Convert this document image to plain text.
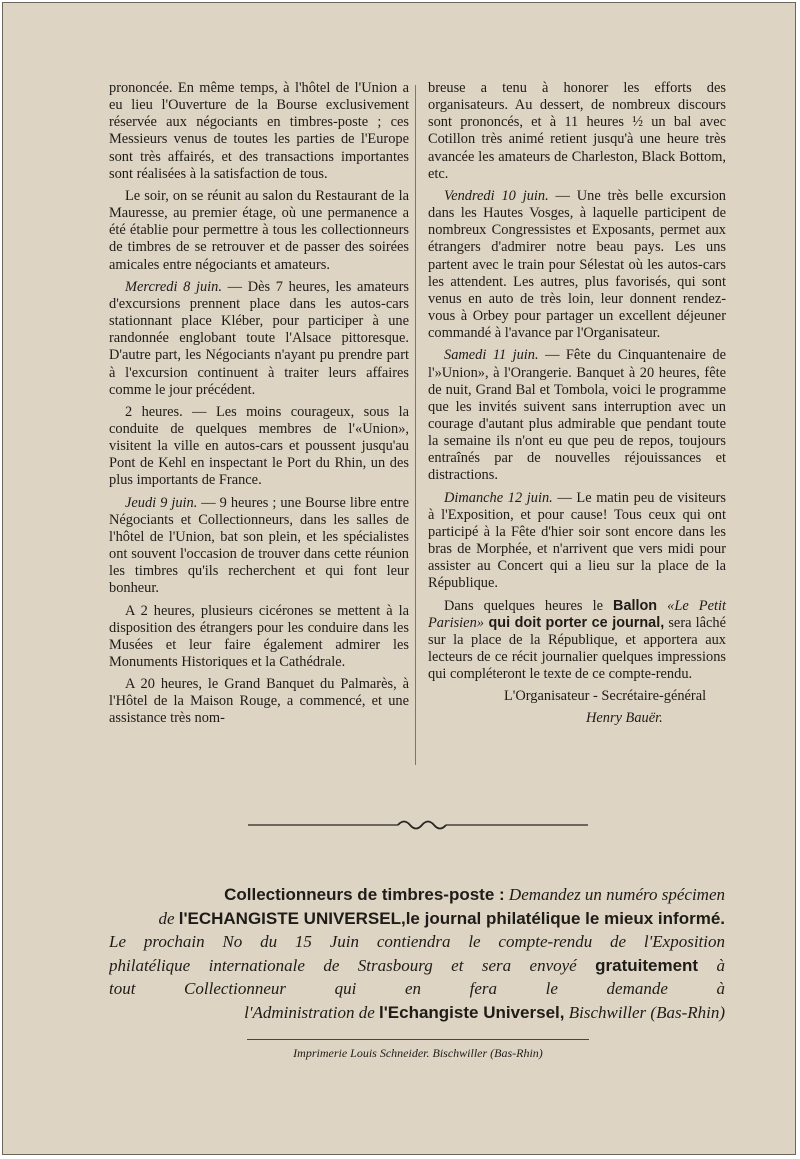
prononcée. En même temps, à l'hôtel de l'Union a eu lieu l'Ouverture de la Bourse exclusivement réservée aux négociants en timbres-poste ; ces Messieurs venus de toutes les parties de l'Europe sont très affairés, et des transactions importantes sont réalisées à la satisfaction de tous.

Le soir, on se réunit au salon du Restaurant de la Mauresse, au premier étage, où une permanence a été établie pour permettre à tous les collectionneurs de timbres de se retrouver et de passer des soirées amicales entre négociants et amateurs.

Mercredi 8 juin. — Dès 7 heures, les amateurs d'excursions prennent place dans les autos-cars stationnant place Kléber, pour participer à une randonnée englobant toute l'Alsace pittoresque. D'autre part, les Négociants n'ayant pu prendre part à l'excursion continuent à traiter leurs affaires comme le jour précédent.

2 heures. — Les moins courageux, sous la conduite de quelques membres de l'«Union», visitent la ville en autos-cars et poussent jusqu'au Pont de Kehl en inspectant le Port du Rhin, un des plus importants de France.

Jeudi 9 juin. — 9 heures ; une Bourse libre entre Négociants et Collectionneurs, dans les salles de l'hôtel de l'Union, bat son plein, et les spécialistes ont souvent l'occasion de trouver dans cette réunion les timbres qu'ils recherchent et qui font leur bonheur.

A 2 heures, plusieurs cicérones se mettent à la disposition des étrangers pour les conduire dans les Musées et leur faire également admirer les Monuments Historiques et la Cathédrale.

A 20 heures, le Grand Banquet du Palmarès, à l'Hôtel de la Maison Rouge, a commencé, et une assistance très nom-

breuse a tenu à honorer les efforts des organisateurs. Au dessert, de nombreux discours sont prononcés, et à 11 heures ½ un bal avec Cotillon très animé retient jusqu'à une heure très avancée les amateurs de Charleston, Black Bottom, etc.

Vendredi 10 juin. — Une très belle excursion dans les Hautes Vosges, à laquelle participent de nombreux Congressistes et Exposants, permet aux étrangers d'admirer notre beau pays. Les uns partent avec le train pour Sélestat où les autos-cars les attendent. Les autres, plus favorisés, qui sont venus en auto de très loin, leur donnent rendez-vous à Orbey pour partager un excellent déjeuner commandé à l'avance par l'Organisateur.

Samedi 11 juin. — Fête du Cinquantenaire de l'»Union», à l'Orangerie. Banquet à 20 heures, fête de nuit, Grand Bal et Tombola, voici le programme que les invités suivent sans interruption avec un courage d'autant plus admirable que pendant toute la semaine ils n'ont eu que peu de repos, toujours entraînés par de nouvelles réjouissances et distractions.

Dimanche 12 juin. — Le matin peu de visiteurs à l'Exposition, et pour cause! Tous ceux qui ont participé à la Fête d'hier soir sont encore dans les bras de Morphée, et n'arrivent que vers midi pour assister au Concert qui a lieu sur la place de la République.

Dans quelques heures le Ballon «Le Petit Parisien» qui doit porter ce journal, sera lâché sur la place de la République, et apportera aux lecteurs de ce récit journalier quelques impressions qui compléteront le texte de ce compte-rendu.

L'Organisateur - Secrétaire-général

Henry Bauër.

Collectionneurs de timbres-poste : Demandez un numéro spécimen
de l'ECHANGISTE UNIVERSEL,le journal philatélique le mieux informé.
Le prochain No du 15 Juin contiendra le compte-rendu de l'Exposition
philatélique internationale de Strasbourg et sera envoyé gratuitement à
tout Collectionneur qui en fera le demande à
l'Administration de l'Echangiste Universel, Bischwiller (Bas-Rhin)
Imprimerie Louis Schneider. Bischwiller (Bas-Rhin)
